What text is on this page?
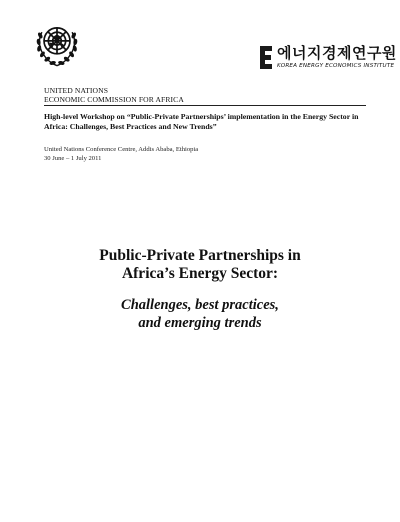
에너지경제연구원
KOREA ENERGY ECONOMICS INSTITUTE
UNITED NATIONS
ECONOMIC COMMISSION FOR AFRICA
High-level Workshop on “Public-Private Partnerships’ implementation in the Energy Sector in Africa: Challenges, Best Practices and New Trends”
United Nations Conference Centre, Addis Ababa, Ethiopia
30 June – 1 July 2011
Public-Private Partnerships in
Africa’s Energy Sector:
Challenges, best practices,
and emerging trends
